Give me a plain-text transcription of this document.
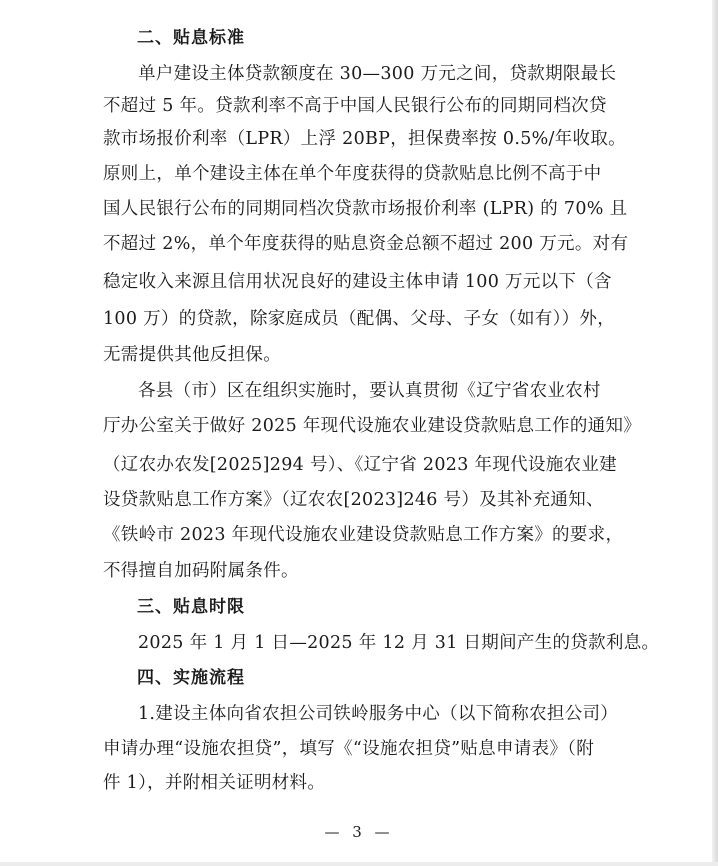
二、贴息标准
单户建设主体贷款额度在 30—300 万元之间，贷款期限最长
不超过 5 年。贷款利率不高于中国人民银行公布的同期同档次贷
款市场报价利率（LPR）上浮 20BP，担保费率按 0.5%/年收取。
原则上，单个建设主体在单个年度获得的贷款贴息比例不高于中
国人民银行公布的同期同档次贷款市场报价利率 (LPR) 的 70% 且
不超过 2%，单个年度获得的贴息资金总额不超过 200 万元。对有
稳定收入来源且信用状况良好的建设主体申请 100 万元以下（含
100 万）的贷款，除家庭成员（配偶、父母、子女（如有））外，
无需提供其他反担保。
各县（市）区在组织实施时，要认真贯彻《辽宁省农业农村
厅办公室关于做好 2025 年现代设施农业建设贷款贴息工作的通知》
（辽农办农发[2025]294 号）、《辽宁省 2023 年现代设施农业建
设贷款贴息工作方案》（辽农农[2023]246 号）及其补充通知、
《铁岭市 2023 年现代设施农业建设贷款贴息工作方案》的要求，
不得擅自加码附属条件。
三、贴息时限
2025 年 1 月 1 日—2025 年 12 月 31 日期间产生的贷款利息。
四、实施流程
1.建设主体向省农担公司铁岭服务中心（以下简称农担公司）
申请办理“设施农担贷”，填写《“设施农担贷”贴息申请表》（附
件 1），并附相关证明材料。
— 3 —
